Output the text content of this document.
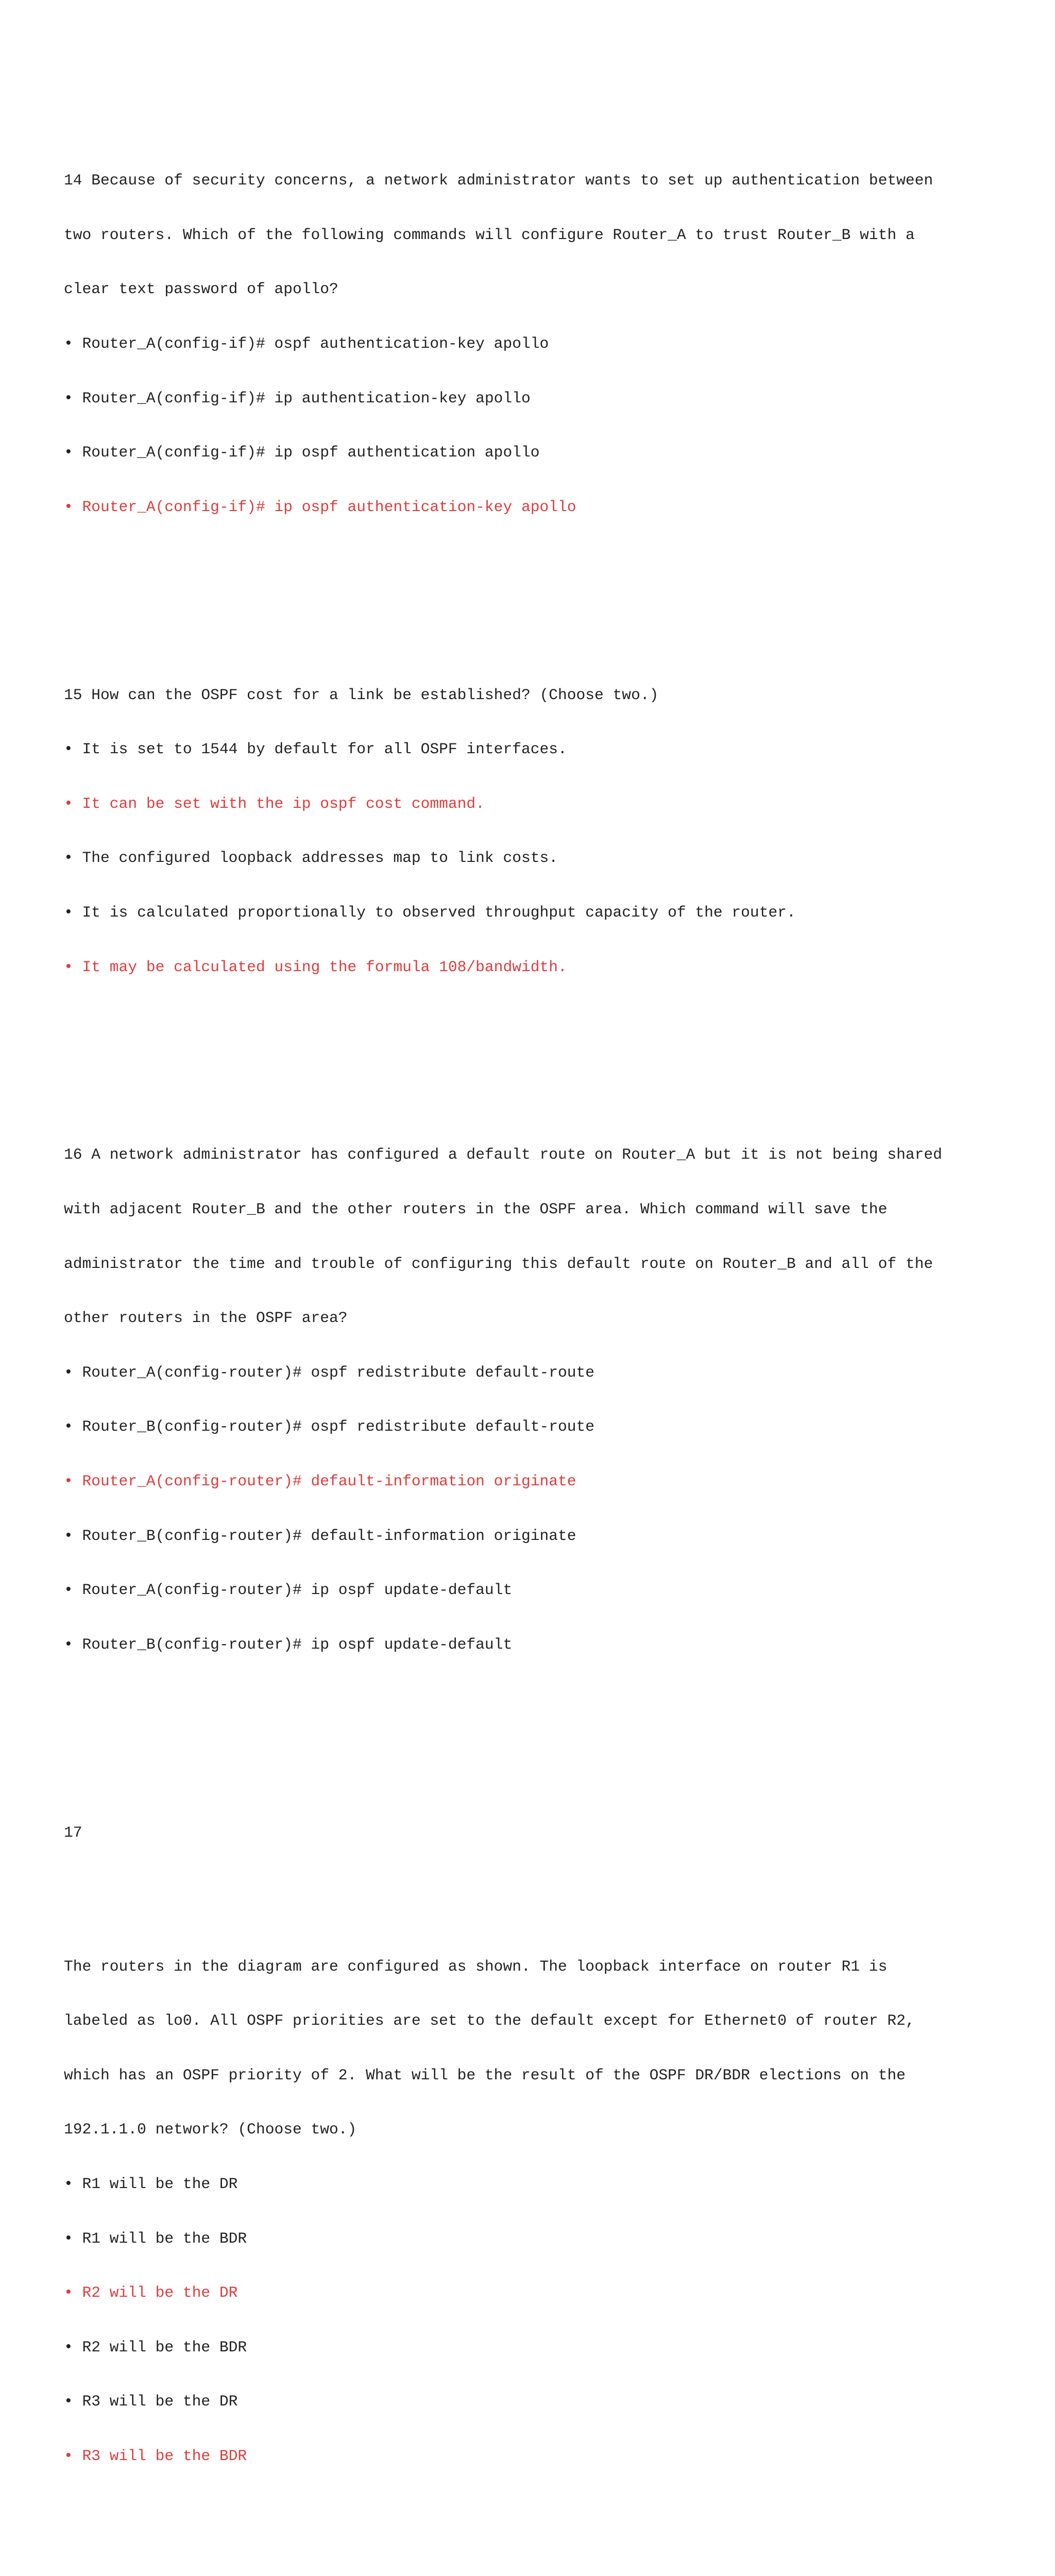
14 Because of security concerns, a network administrator wants to set up authentication between

two routers. Which of the following commands will configure Router_A to trust Router_B with a

clear text password of apollo?

• Router_A(config-if)# ospf authentication-key apollo

• Router_A(config-if)# ip authentication-key apollo

• Router_A(config-if)# ip ospf authentication apollo

• Router_A(config-if)# ip ospf authentication-key apollo

15 How can the OSPF cost for a link be established? (Choose two.)

• It is set to 1544 by default for all OSPF interfaces.

• It can be set with the ip ospf cost command.

• The configured loopback addresses map to link costs.

• It is calculated proportionally to observed throughput capacity of the router.

• It may be calculated using the formula 108/bandwidth.

16 A network administrator has configured a default route on Router_A but it is not being shared

with adjacent Router_B and the other routers in the OSPF area. Which command will save the

administrator the time and trouble of configuring this default route on Router_B and all of the

other routers in the OSPF area?

• Router_A(config-router)# ospf redistribute default-route

• Router_B(config-router)# ospf redistribute default-route

• Router_A(config-router)# default-information originate

• Router_B(config-router)# default-information originate

• Router_A(config-router)# ip ospf update-default

• Router_B(config-router)# ip ospf update-default

17

The routers in the diagram are configured as shown. The loopback interface on router R1 is

labeled as lo0. All OSPF priorities are set to the default except for Ethernet0 of router R2,

which has an OSPF priority of 2. What will be the result of the OSPF DR/BDR elections on the

192.1.1.0 network? (Choose two.)

• R1 will be the DR

• R1 will be the BDR

• R2 will be the DR

• R2 will be the BDR

• R3 will be the DR

• R3 will be the BDR
